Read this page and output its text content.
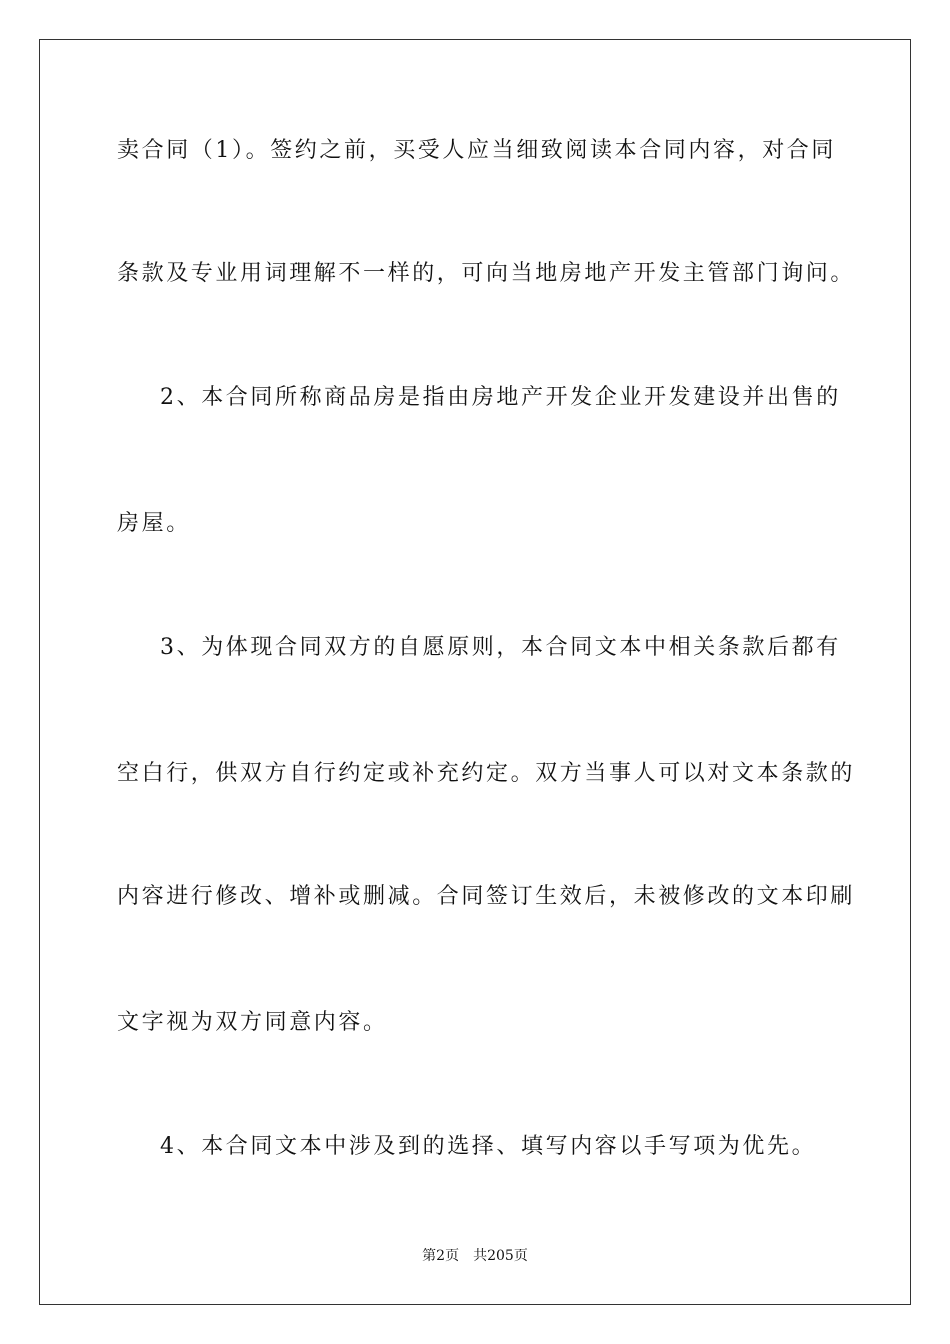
卖合同（1）。签约之前，买受人应当细致阅读本合同内容，对合同
条款及专业用词理解不一样的，可向当地房地产开发主管部门询问。
2、本合同所称商品房是指由房地产开发企业开发建设并出售的
房屋。
3、为体现合同双方的自愿原则，本合同文本中相关条款后都有
空白行，供双方自行约定或补充约定。双方当事人可以对文本条款的
内容进行修改、增补或删减。合同签订生效后，未被修改的文本印刷
文字视为双方同意内容。
4、本合同文本中涉及到的选择、填写内容以手写项为优先。
第2页 共205页
